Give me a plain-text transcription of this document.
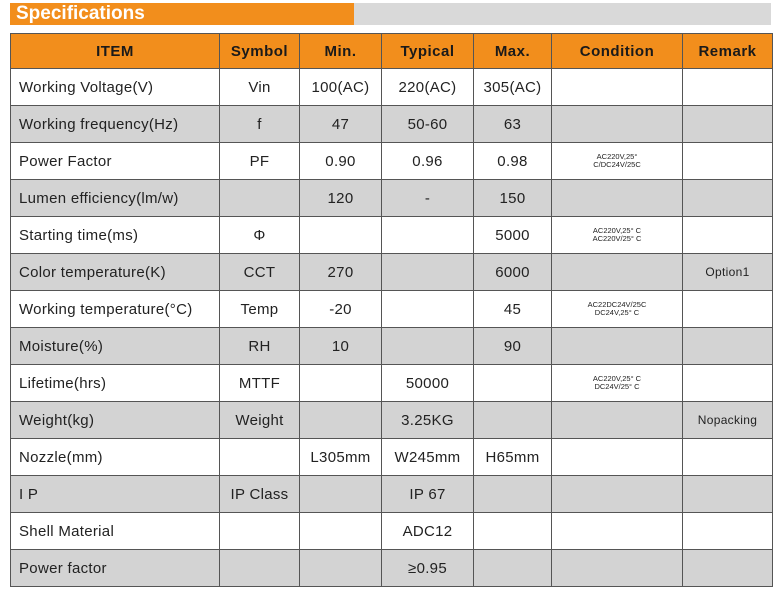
Specifications
ITEM	Symbol	Min.	Typical	Max.	Condition	Remark
Working Voltage(V)	Vin	100(AC)	220(AC)	305(AC)		
Working frequency(Hz)	f	47	50-60	63		
Power Factor	PF	0.90	0.96	0.98	AC220V,25°
C/DC24V/25C	

Lumen efficiency(lm/w)		120	-	150		
Starting time(ms)	Φ			5000	AC220V,25° C
AC220V/25° C	

Color temperature(K)	CCT	270		6000		Option1
Working temperature(°C)	Temp	-20		45	AC22DC24V/25C
DC24V,25° C	

Moisture(%)	RH	10		90		
Lifetime(hrs)	MTTF		50000		AC220V,25° C
DC24V/25° C	

Weight(kg)	Weight		3.25KG			Nopacking
Nozzle(mm)		L305mm	W245mm	H65mm		
I P	IP Class		IP 67			
Shell Material			ADC12			
Power factor			≥0.95			
